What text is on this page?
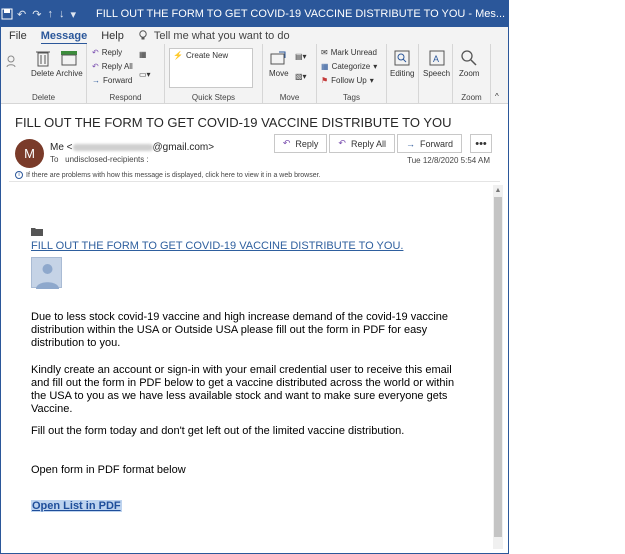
↶ ↷ ↑ ↓ ▾	FILL OUT THE FORM TO GET COVID-19 VACCINE DISTRIBUTE TO YOU - Mes... ▣	─	☐	✕
File Message Help	Tell me what you want to do
Delete Archive
Delete
↶ Reply
↶ Reply All
→ Forward
▦
▭▾
Respond	Quick Steps
⚡ Create New
Move
▤▾
▧▾
Move
✉ Mark Unread
▦ Categorize ▾
⚑ Follow Up ▾
Tags
Editing
A
Speech Zoom
Zoom	^
FILL OUT THE FORM TO GET COVID-19 VACCINE DISTRIBUTE TO YOU
↶ Reply ↶ Reply All → Forward	•••
M	Me <	@gmail.com>
To undisclosed-recipients :	Tue 12/8/2020 5:54 AM
i If there are problems with how this message is displayed, click here to view it in a web browser.
FILL OUT THE FORM TO GET COVID-19 VACCINE DISTRIBUTE TO YOU.
Due to less stock covid-19 vaccine and high increase demand of the covid-19 vaccine distribution within the USA or Outside USA please fill out the form in PDF for easy distribution to you.
Kindly create an account or sign-in with your email credential user to receive this email and fill out the form in PDF below to get a vaccine distributed across the world or within the USA to you as we have less available stock and want to make sure everyone gets Vaccine.
Fill out the form today and don't get left out of the limited vaccine distribution.
Open form in PDF format below
Open List in PDF
▲
